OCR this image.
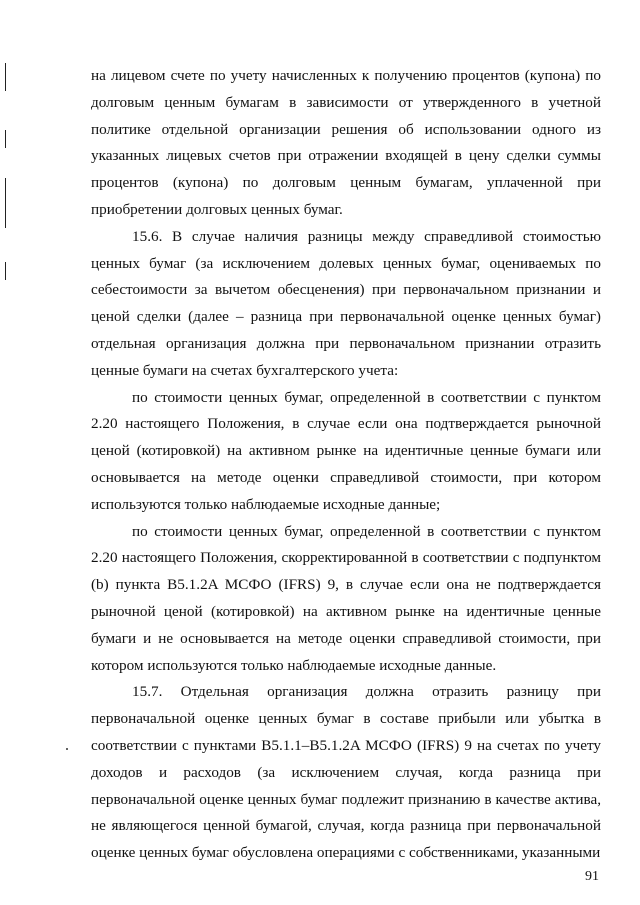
на лицевом счете по учету начисленных к получению процентов (купона) по долговым ценным бумагам в зависимости от утвержденного в учетной политике отдельной организации решения об использовании одного из указанных лицевых счетов при отражении входящей в цену сделки суммы процентов (купона) по долговым ценным бумагам, уплаченной при приобретении долговых ценных бумаг.

15.6. В случае наличия разницы между справедливой стоимостью ценных бумаг (за исключением долевых ценных бумаг, оцениваемых по себестоимости за вычетом обесценения) при первоначальном признании и ценой сделки (далее – разница при первоначальной оценке ценных бумаг) отдельная организация должна при первоначальном признании отразить ценные бумаги на счетах бухгалтерского учета:

по стоимости ценных бумаг, определенной в соответствии с пунктом 2.20 настоящего Положения, в случае если она подтверждается рыночной ценой (котировкой) на активном рынке на идентичные ценные бумаги или основывается на методе оценки справедливой стоимости, при котором используются только наблюдаемые исходные данные;

по стоимости ценных бумаг, определенной в соответствии с пунктом 2.20 настоящего Положения, скорректированной в соответствии с подпунктом (b) пункта B5.1.2A МСФО (IFRS) 9, в случае если она не подтверждается рыночной ценой (котировкой) на активном рынке на идентичные ценные бумаги и не основывается на методе оценки справедливой стоимости, при котором используются только наблюдаемые исходные данные.

15.7. Отдельная организация должна отразить разницу при первоначальной оценке ценных бумаг в составе прибыли или убытка в соответствии с пунктами B5.1.1–B5.1.2A МСФО (IFRS) 9 на счетах по учету доходов и расходов (за исключением случая, когда разница при первоначальной оценке ценных бумаг подлежит признанию в качестве актива, не являющегося ценной бумагой, случая, когда разница при первоначальной оценке ценных бумаг обусловлена операциями с собственниками, указанными

91
